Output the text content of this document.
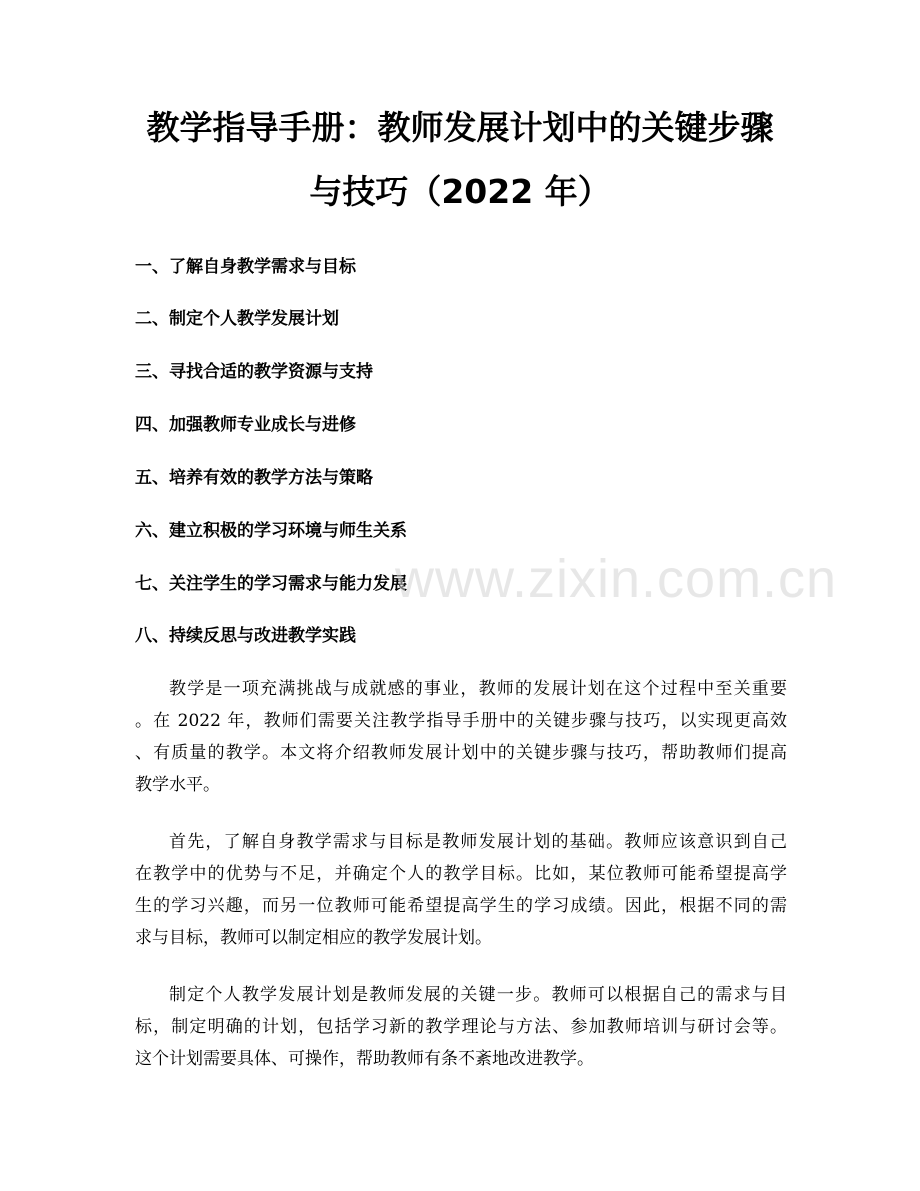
教学指导手册：教师发展计划中的关键步骤
与技巧（2022 年）
一、了解自身教学需求与目标
二、制定个人教学发展计划
三、寻找合适的教学资源与支持
四、加强教师专业成长与进修
五、培养有效的教学方法与策略
六、建立积极的学习环境与师生关系
七、关注学生的学习需求与能力发展
八、持续反思与改进教学实践
教学是一项充满挑战与成就感的事业，教师的发展计划在这个过程中至关重要
。在 2022 年，教师们需要关注教学指导手册中的关键步骤与技巧，以实现更高效
、有质量的教学。本文将介绍教师发展计划中的关键步骤与技巧，帮助教师们提高
教学水平。
首先，了解自身教学需求与目标是教师发展计划的基础。教师应该意识到自己
在教学中的优势与不足，并确定个人的教学目标。比如，某位教师可能希望提高学
生的学习兴趣，而另一位教师可能希望提高学生的学习成绩。因此，根据不同的需
求与目标，教师可以制定相应的教学发展计划。
制定个人教学发展计划是教师发展的关键一步。教师可以根据自己的需求与目
标，制定明确的计划，包括学习新的教学理论与方法、参加教师培训与研讨会等。
这个计划需要具体、可操作，帮助教师有条不紊地改进教学。
www.zixin.com.cn
